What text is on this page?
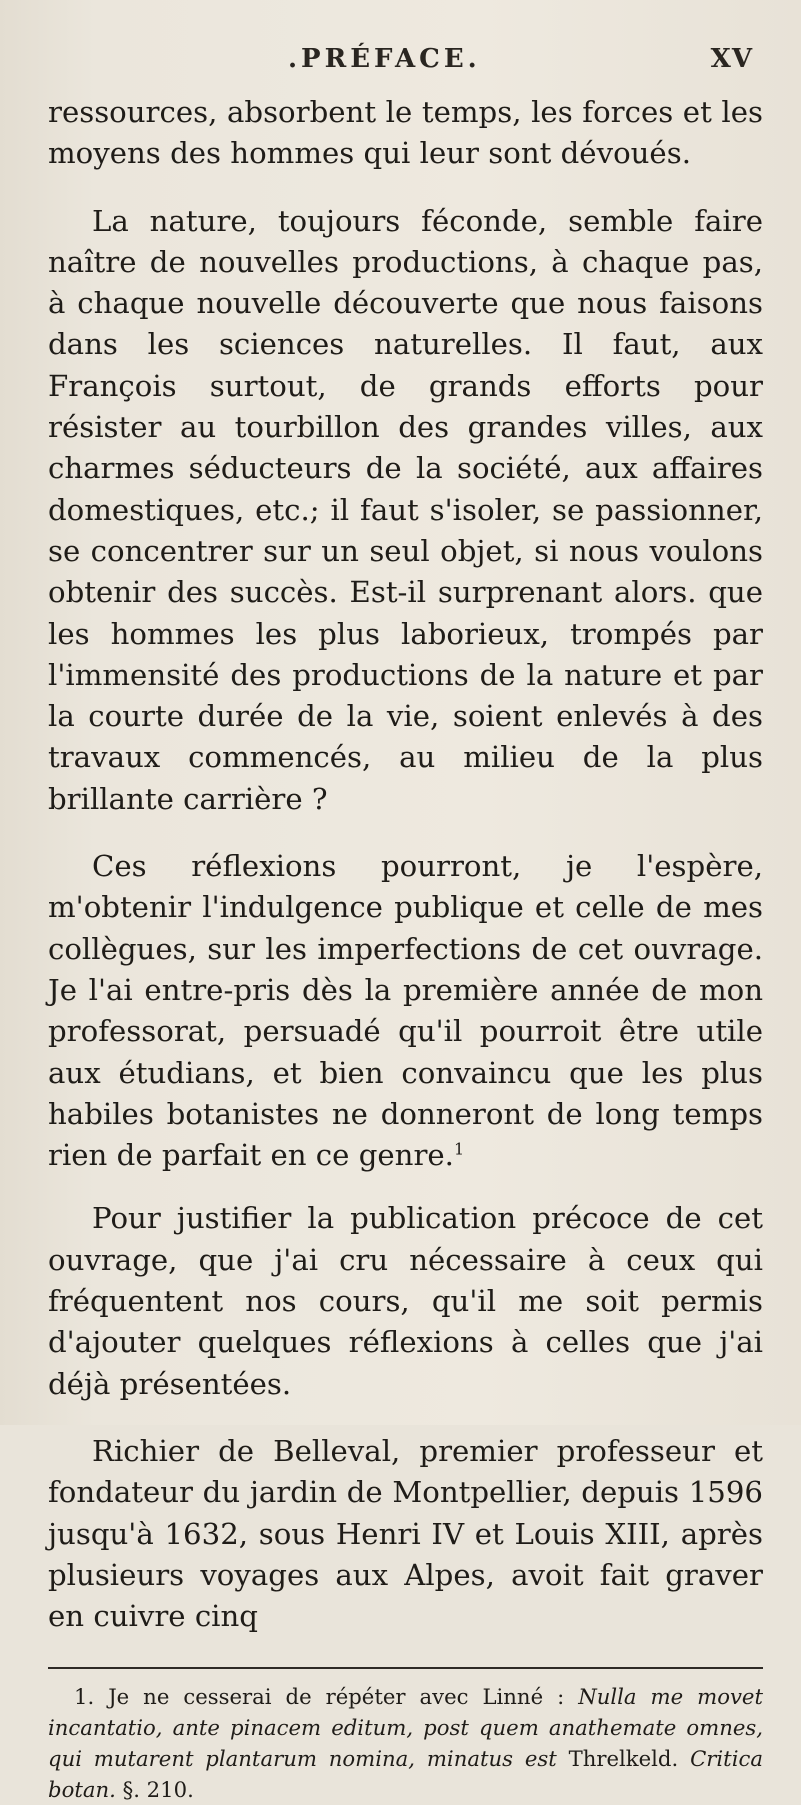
.PRÉFACE.	XV

ressources, absorbent le temps, les forces et les moyens des hommes qui leur sont dévoués.

La nature, toujours féconde, semble faire naître de nouvelles productions, à chaque pas, à chaque nouvelle découverte que nous faisons dans les sciences naturelles. Il faut, aux François surtout, de grands efforts pour résister au tourbillon des grandes villes, aux charmes séducteurs de la société, aux affaires domestiques, etc.; il faut s'isoler, se passionner, se concentrer sur un seul objet, si nous voulons obtenir des succès. Est-il surprenant alors. que les hommes les plus laborieux, trompés par l'immensité des productions de la nature et par la courte durée de la vie, soient enlevés à des travaux commencés, au milieu de la plus brillante carrière ?

Ces réflexions pourront, je l'espère, m'obtenir l'indulgence publique et celle de mes collègues, sur les imperfections de cet ouvrage. Je l'ai entre-pris dès la première année de mon professorat, persuadé qu'il pourroit être utile aux étudians, et bien convaincu que les plus habiles botanistes ne donneront de long temps rien de parfait en ce genre.$^1$

Pour justifier la publication précoce de cet ouvrage, que j'ai cru nécessaire à ceux qui fréquentent nos cours, qu'il me soit permis d'ajouter quelques réflexions à celles que j'ai déjà présentées.

Richier de Belleval, premier professeur et fondateur du jardin de Montpellier, depuis 1596 jusqu'à 1632, sous Henri IV et Louis XIII, après plusieurs voyages aux Alpes, avoit fait graver en cuivre cinq

1. Je ne cesserai de répéter avec Linné : Nulla me movet incantatio, ante pinacem editum, post quem anathemate omnes, qui mutarent plantarum nomina, minatus est Threlkeld. Critica botan. §. 210.
